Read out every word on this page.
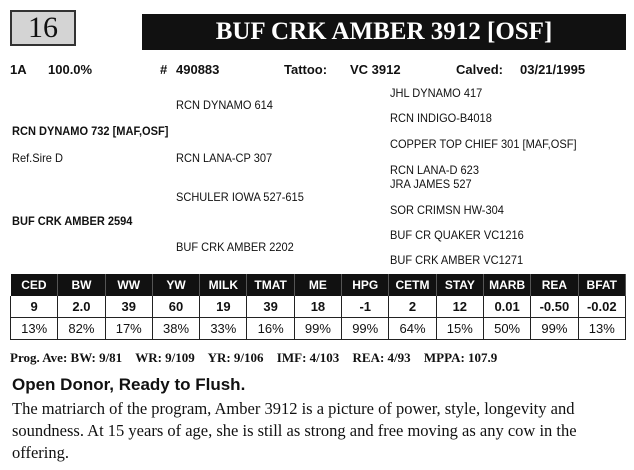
16	BUF CRK AMBER 3912 [OSF]
1A 100.0%	# 490883	Tattoo: VC 3912	Calved: 03/21/1995
RCN DYNAMO 732 [MAF,OSF]
Ref.Sire D
BUF CRK AMBER 2594
RCN DYNAMO 614
RCN LANA-CP 307
SCHULER IOWA 527-615
BUF CRK AMBER 2202
JHL DYNAMO 417
RCN INDIGO-B4018
COPPER TOP CHIEF 301 [MAF,OSF]
RCN LANA-D 623
JRA JAMES 527
SOR CRIMSN HW-304
BUF CR QUAKER VC1216
BUF CRK AMBER VC1271
CED	BW	WW	YW	MILK	TMAT	ME	HPG	CETM	STAY	MARB	REA	BFAT
9	2.0	39	60	19	39	18	-1	2	12	0.01	-0.50	-0.02
13%	82%	17%	38%	33%	16%	99%	99%	64%	15%	50%	99%	13%
Prog. Ave: BW: 9/81 WR: 9/109 YR: 9/106 IMF: 4/103 REA: 4/93 MPPA: 107.9
Open Donor, Ready to Flush.
The matriarch of the program, Amber 3912 is a picture of power, style, longevity and soundness. At 15 years of age, she is still as strong and free moving as any cow in the offering.
